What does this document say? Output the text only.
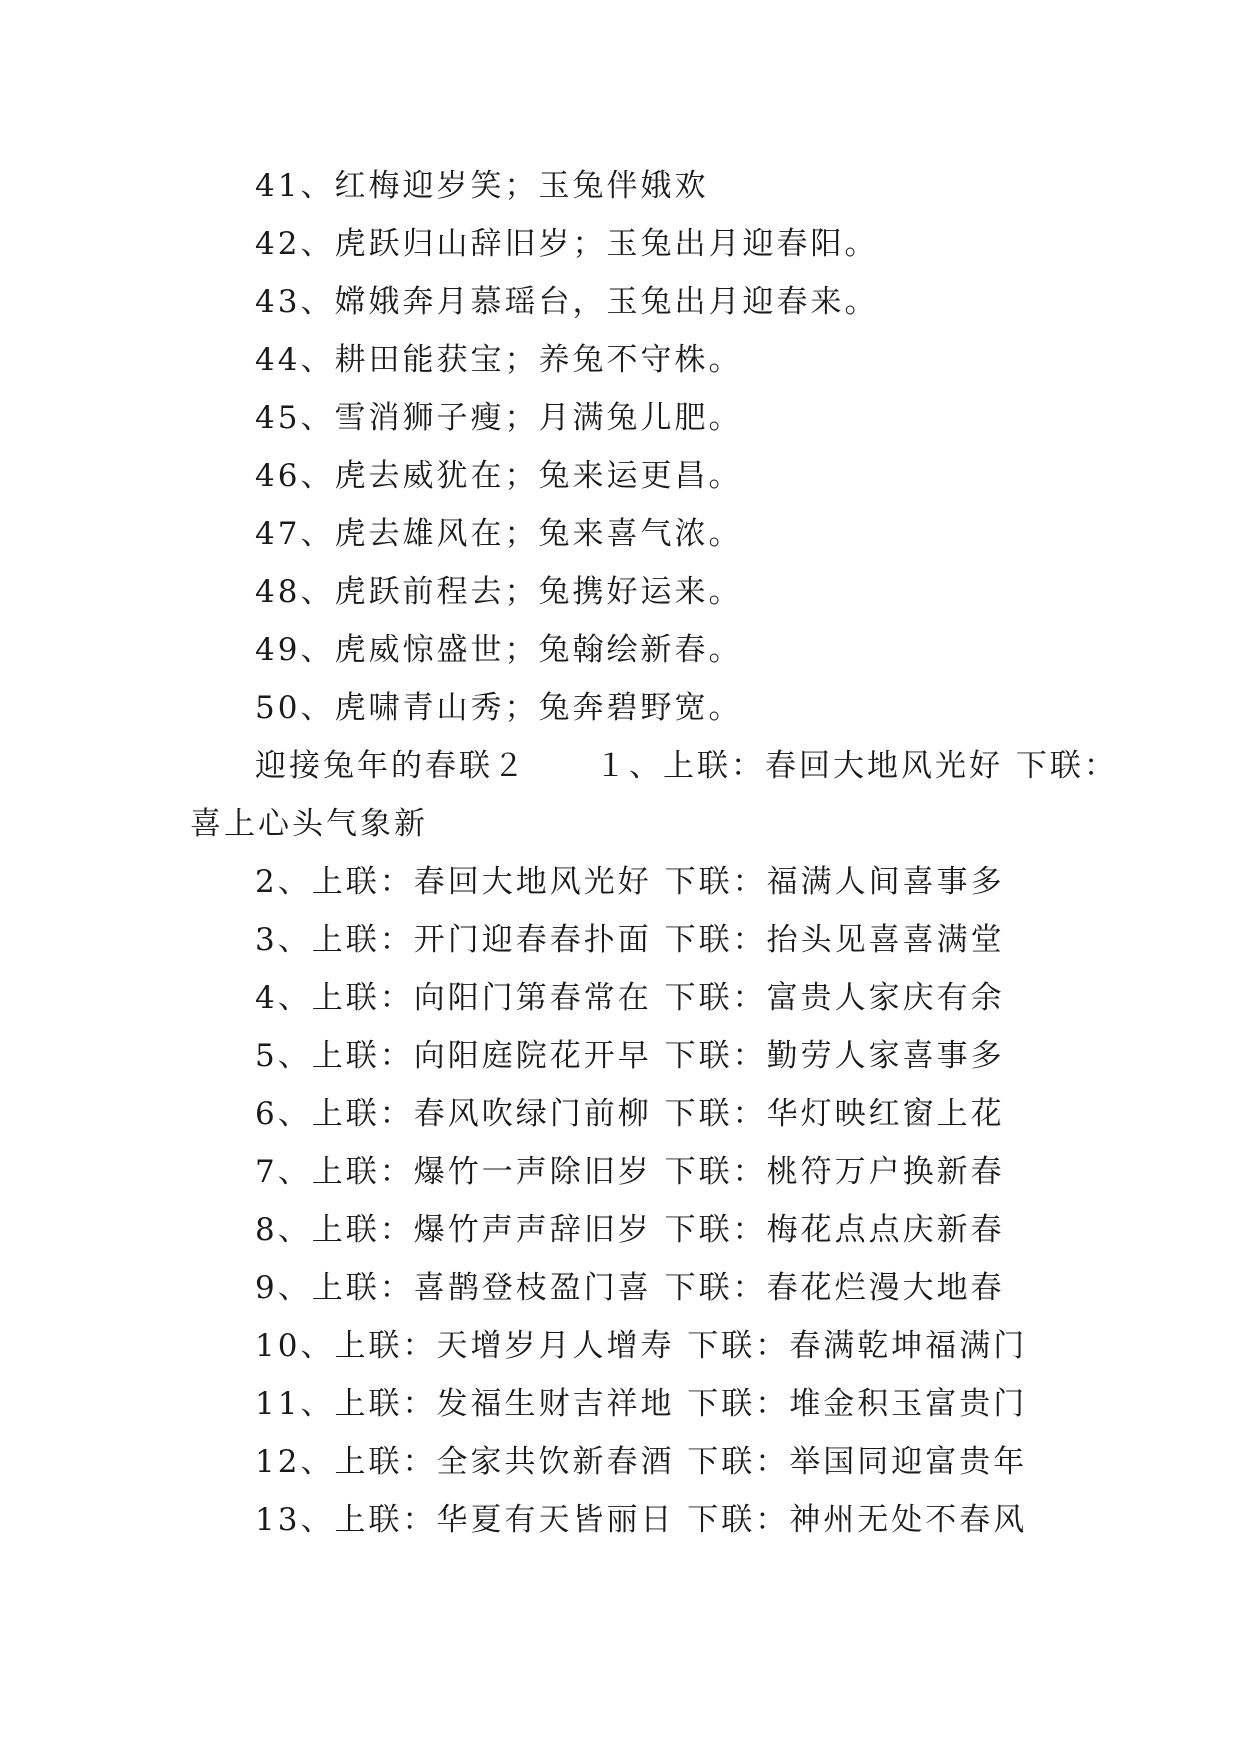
41、红梅迎岁笑；玉兔伴娥欢
42、虎跃归山辞旧岁；玉兔出月迎春阳。
43、嫦娥奔月慕瑶台，玉兔出月迎春来。
44、耕田能获宝；养兔不守株。
45、雪消狮子瘦；月满兔儿肥。
46、虎去威犹在；兔来运更昌。
47、虎去雄风在；兔来喜气浓。
48、虎跃前程去；兔携好运来。
49、虎威惊盛世；兔翰绘新春。
50、虎啸青山秀；兔奔碧野宽。
迎接兔年的春联２　　１、上联：春回大地风光好 下联：
喜上心头气象新
2、上联：春回大地风光好 下联：福满人间喜事多
3、上联：开门迎春春扑面 下联：抬头见喜喜满堂
4、上联：向阳门第春常在 下联：富贵人家庆有余
5、上联：向阳庭院花开早 下联：勤劳人家喜事多
6、上联：春风吹绿门前柳 下联：华灯映红窗上花
7、上联：爆竹一声除旧岁 下联：桃符万户换新春
8、上联：爆竹声声辞旧岁 下联：梅花点点庆新春
9、上联：喜鹊登枝盈门喜 下联：春花烂漫大地春
10、上联：天增岁月人增寿 下联：春满乾坤福满门
11、上联：发福生财吉祥地 下联：堆金积玉富贵门
12、上联：全家共饮新春酒 下联：举国同迎富贵年
13、上联：华夏有天皆丽日 下联：神州无处不春风
